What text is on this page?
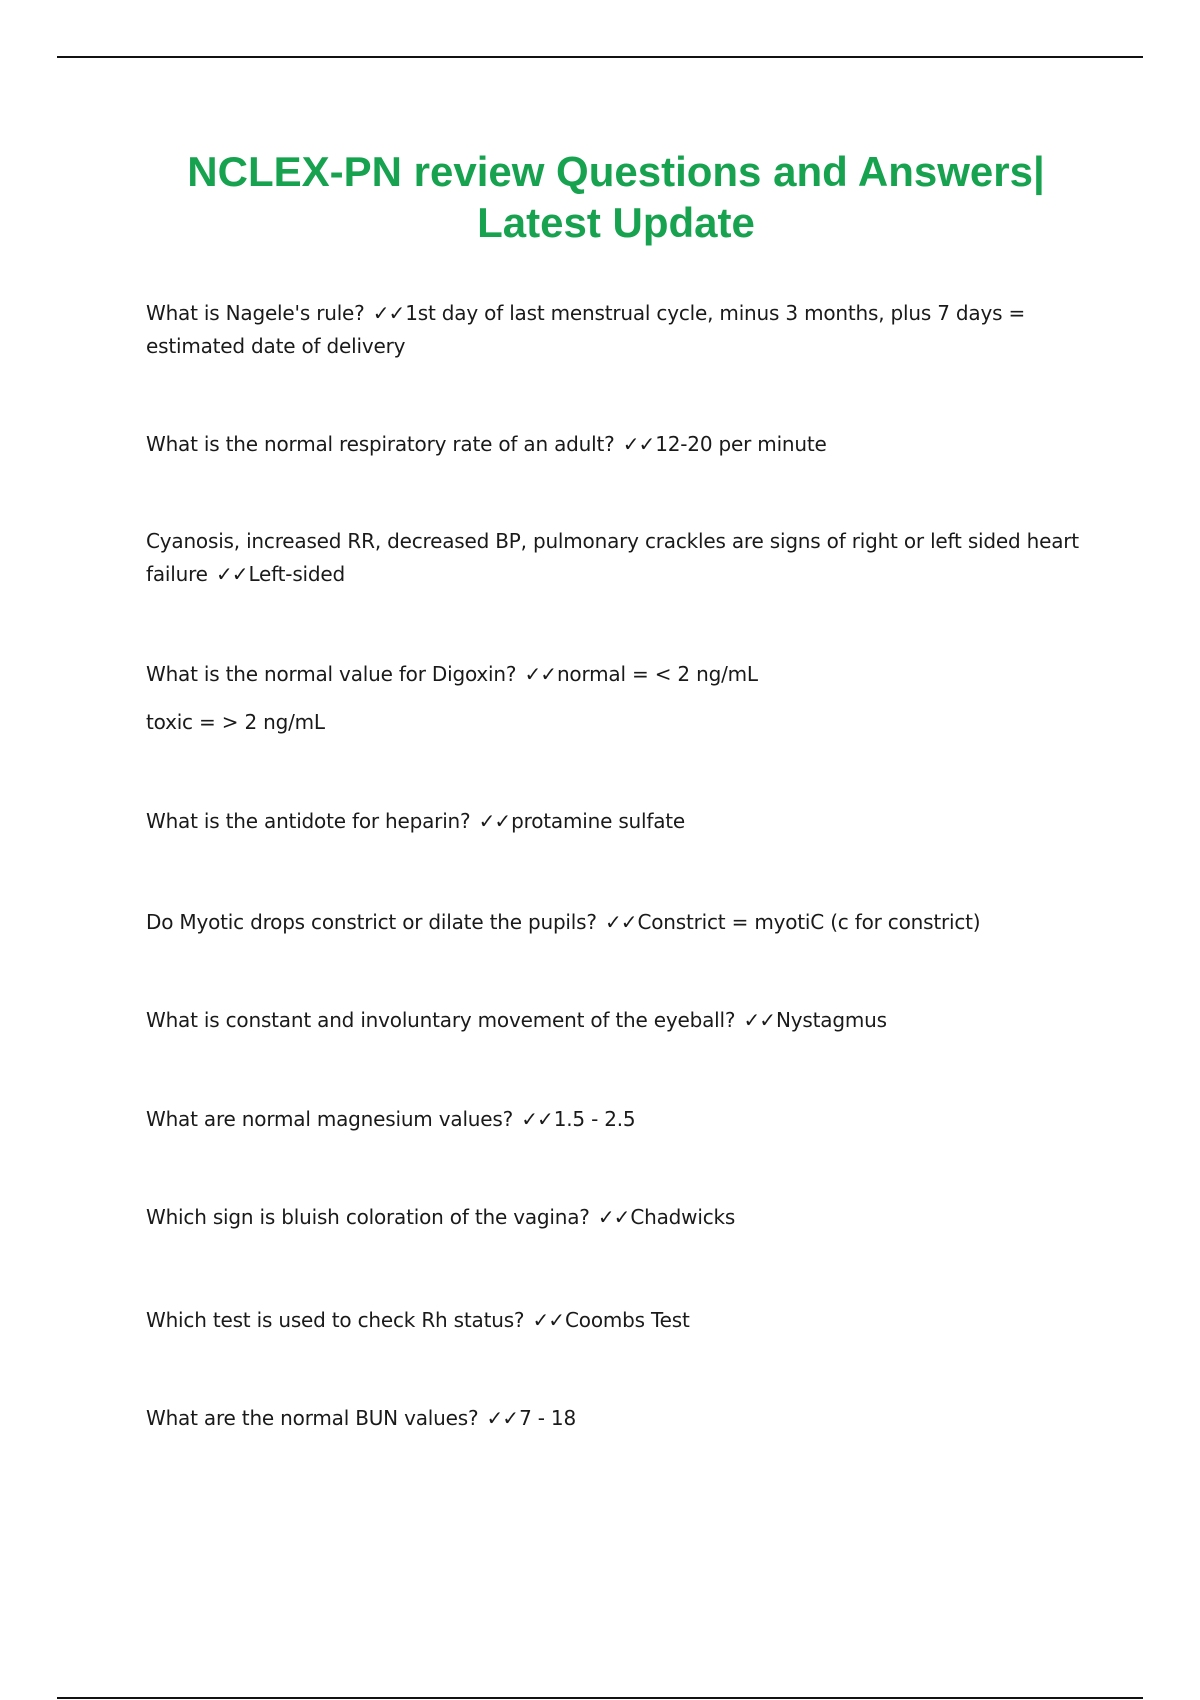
NCLEX-PN review Questions and Answers|
Latest Update

What is Nagele's rule? ✓✓1st day of last menstrual cycle, minus 3 months, plus 7 days = estimated date of delivery

What is the normal respiratory rate of an adult? ✓✓12-20 per minute

Cyanosis, increased RR, decreased BP, pulmonary crackles are signs of right or left sided heart failure ✓✓Left-sided

What is the normal value for Digoxin? ✓✓normal = < 2 ng/mL
toxic = > 2 ng/mL

What is the antidote for heparin? ✓✓protamine sulfate

Do Myotic drops constrict or dilate the pupils? ✓✓Constrict = myotiC (c for constrict)

What is constant and involuntary movement of the eyeball? ✓✓Nystagmus

What are normal magnesium values? ✓✓1.5 - 2.5

Which sign is bluish coloration of the vagina? ✓✓Chadwicks

Which test is used to check Rh status? ✓✓Coombs Test

What are the normal BUN values? ✓✓7 - 18
